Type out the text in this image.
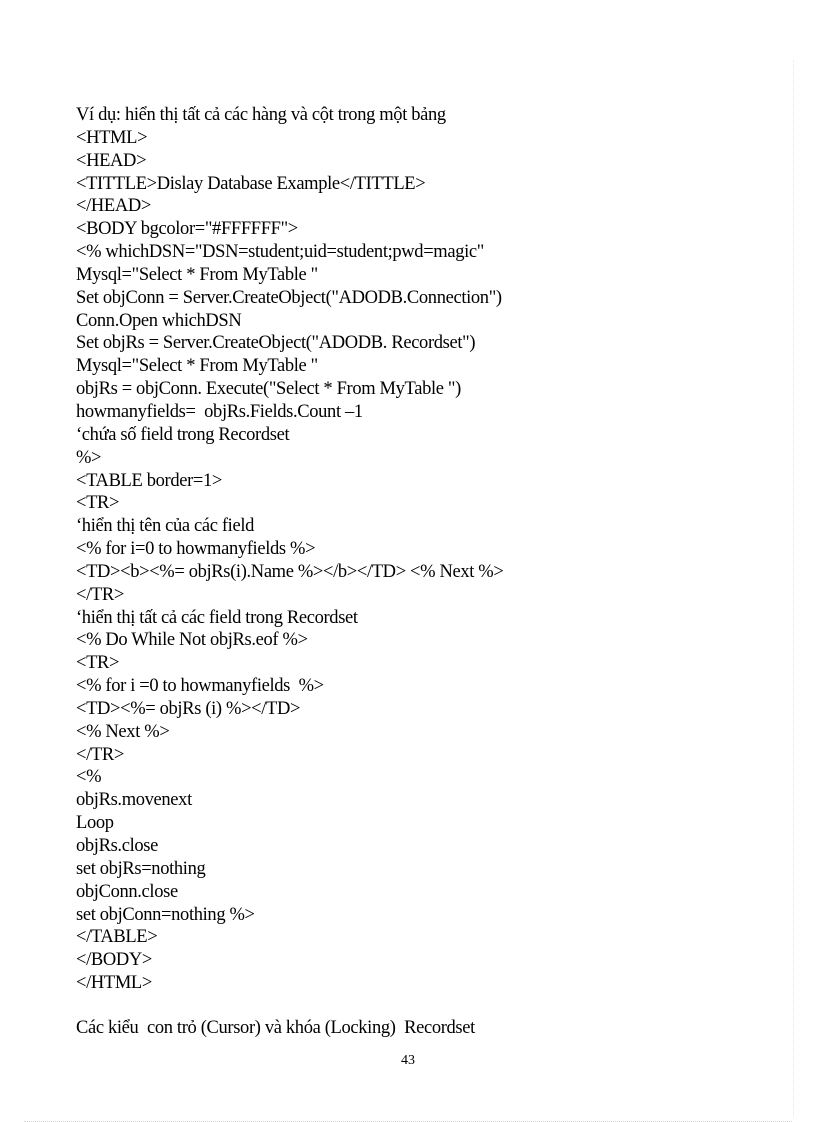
Ví dụ: hiển thị tất cả các hàng và cột trong một bảng
<HTML>
<HEAD>
<TITTLE>Dislay Database Example</TITTLE>
</HEAD>
<BODY bgcolor="#FFFFFF">
<% whichDSN="DSN=student;uid=student;pwd=magic"
Mysql="Select * From MyTable "
Set objConn = Server.CreateObject("ADODB.Connection")
Conn.Open whichDSN
Set objRs = Server.CreateObject("ADODB. Recordset")
Mysql="Select * From MyTable "
objRs = objConn. Execute("Select * From MyTable ")
howmanyfields=  objRs.Fields.Count –1
‘chứa số field trong Recordset
%>
<TABLE border=1>
<TR>
‘hiển thị tên của các field
<% for i=0 to howmanyfields %>
<TD><b><%= objRs(i).Name %></b></TD> <% Next %>
</TR>
‘hiển thị tất cả các field trong Recordset
<% Do While Not objRs.eof %>
<TR>
<% for i =0 to howmanyfields  %>
<TD><%= objRs (i) %></TD>
<% Next %>
</TR>
<%
objRs.movenext
Loop
objRs.close
set objRs=nothing
objConn.close
set objConn=nothing %>
</TABLE>
</BODY>
</HTML>
Các kiểu  con trỏ (Cursor) và khóa (Locking)  Recordset
43
